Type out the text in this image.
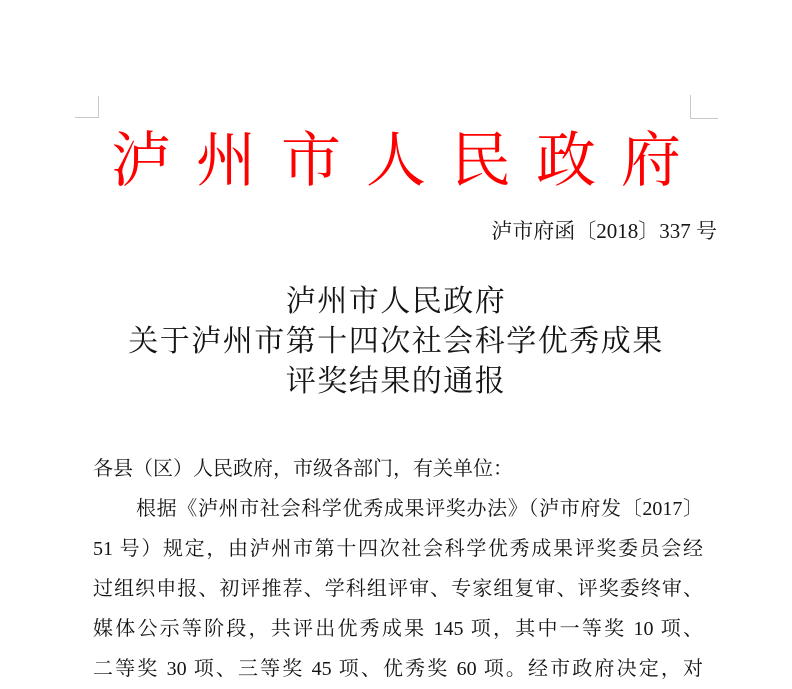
泸州市人民政府
泸市府函〔2018〕337 号
泸州市人民政府
关于泸州市第十四次社会科学优秀成果
评奖结果的通报
各县（区）人民政府，市级各部门，有关单位：
根据《泸州市社会科学优秀成果评奖办法》（泸市府发〔2017〕
51 号）规定，由泸州市第十四次社会科学优秀成果评奖委员会经
过组织申报、初评推荐、学科组评审、专家组复审、评奖委终审、
媒体公示等阶段，共评出优秀成果 145 项，其中一等奖 10 项、
二等奖 30 项、三等奖 45 项、优秀奖 60 项。经市政府决定，对
